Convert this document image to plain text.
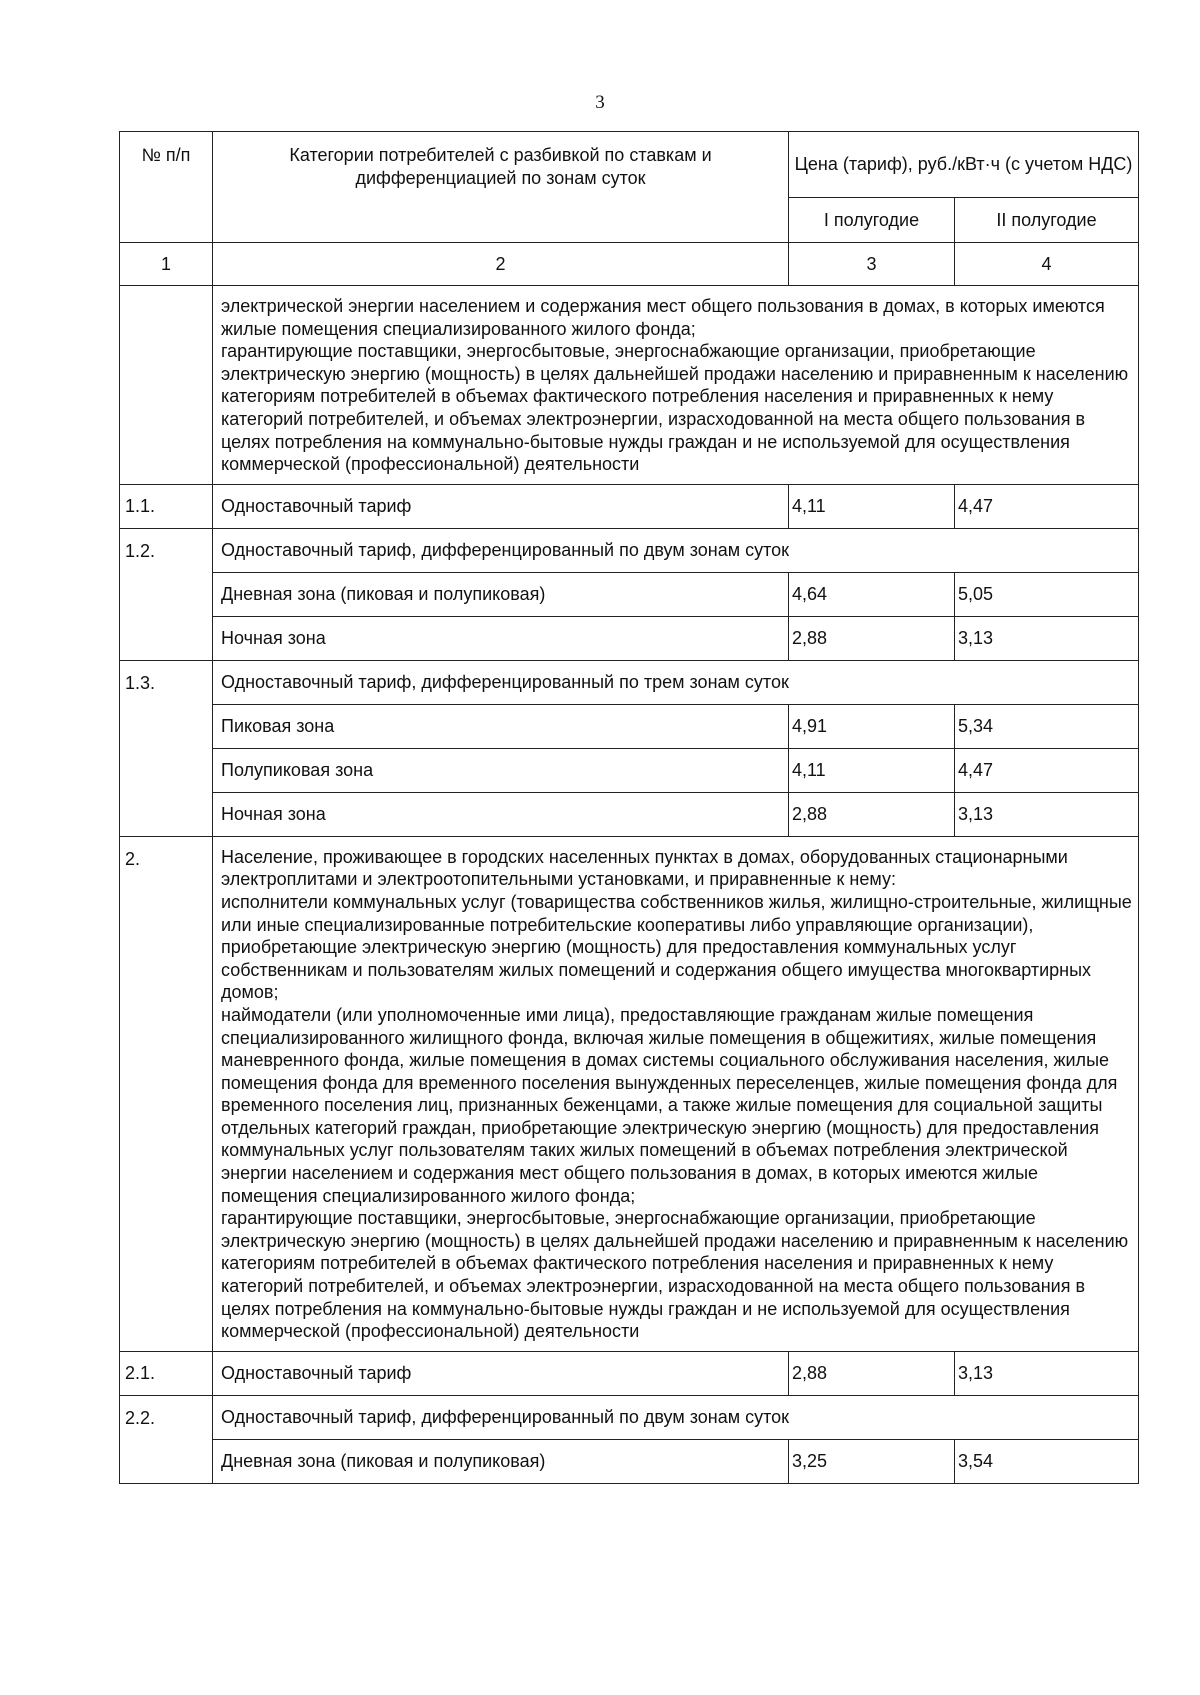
3
№ п/п	Категории потребителей с разбивкой по ставкам и дифференциацией по зонам суток	Цена (тариф), руб./кВт·ч (с учетом НДС)	
		I полугодие	II полугодие
1	2	3	4

	электрической энергии населением и содержания мест общего пользования в домах, в которых имеются жилые помещения специализированного жилого фонда;
гарантирующие поставщики, энергосбытовые, энергоснабжающие организации, приобретающие электрическую энергию (мощность) в целях дальнейшей продажи населению и приравненным к населению категориям потребителей в объемах фактического потребления населения и приравненных к нему категорий потребителей, и объемах электроэнергии, израсходованной на места общего пользования в целях потребления на коммунально-бытовые нужды граждан и не используемой для осуществления коммерческой (профессиональной) деятельности		

1.1.	Одноставочный тариф	4,11	4,47
1.2.	Одноставочный тариф, дифференцированный по двум зонам суток		
	Дневная зона (пиковая и полупиковая)	4,64	5,05
	Ночная зона	2,88	3,13
1.3.	Одноставочный тариф, дифференцированный по трем зонам суток		
	Пиковая зона	4,91	5,34
	Полупиковая зона	4,11	4,47
	Ночная зона	2,88	3,13
2.	Население, проживающее в городских населенных пунктах в домах, оборудованных стационарными электроплитами и электроотопительными установками, и приравненные к нему:
исполнители коммунальных услуг (товарищества собственников жилья, жилищно-строительные, жилищные или иные специализированные потребительские кооперативы либо управляющие организации), приобретающие электрическую энергию (мощность) для предоставления коммунальных услуг собственникам и пользователям жилых помещений и содержания общего имущества многоквартирных домов;
наймодатели (или уполномоченные ими лица), предоставляющие гражданам жилые помещения специализированного жилищного фонда, включая жилые помещения в общежитиях, жилые помещения маневренного фонда, жилые помещения в домах системы социального обслуживания населения, жилые помещения фонда для временного поселения вынужденных переселенцев, жилые помещения фонда для временного поселения лиц, признанных беженцами, а также жилые помещения для социальной защиты отдельных категорий граждан, приобретающие электрическую энергию (мощность) для предоставления коммунальных услуг пользователям таких жилых помещений в объемах потребления электрической энергии населением и содержания мест общего пользования в домах, в которых имеются жилые помещения специализированного жилого фонда;
гарантирующие поставщики, энергосбытовые, энергоснабжающие организации, приобретающие электрическую энергию (мощность) в целях дальнейшей продажи населению и приравненным к населению категориям потребителей в объемах фактического потребления населения и приравненных к нему категорий потребителей, и объемах электроэнергии, израсходованной на места общего пользования в целях потребления на коммунально-бытовые нужды граждан и не используемой для осуществления коммерческой (профессиональной) деятельности		

2.1.	Одноставочный тариф	2,88	3,13
2.2.	Одноставочный тариф, дифференцированный по двум зонам суток		
	Дневная зона (пиковая и полупиковая)	3,25	3,54
